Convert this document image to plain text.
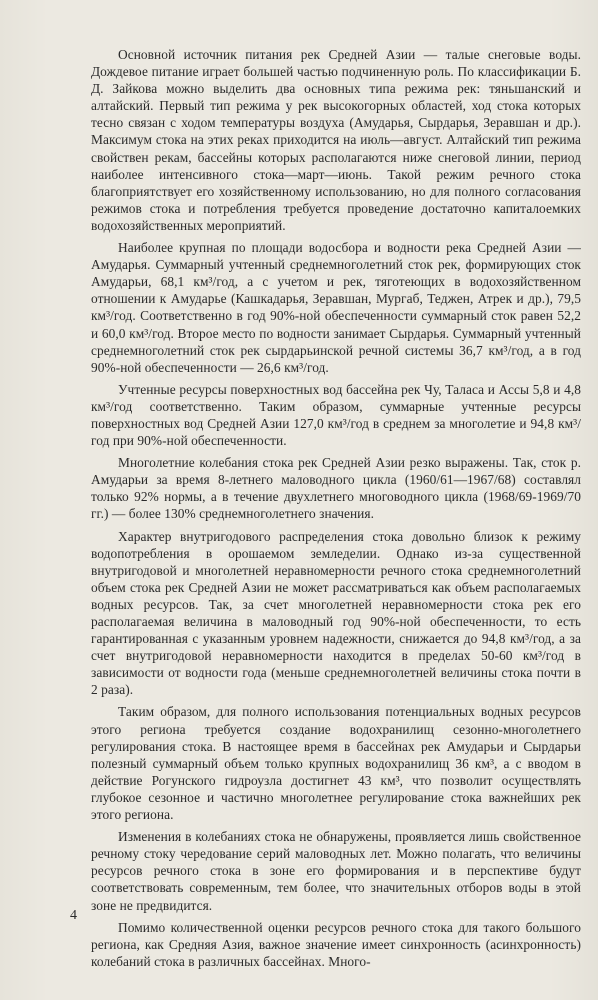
Основной источник питания рек Средней Азии — талые снеговые воды. Дождевое питание играет большей частью подчиненную роль. По классификации Б. Д. Зайкова можно выделить два основных типа режима рек: тяньшанский и алтайский. Первый тип режима у рек высокогорных областей, ход стока которых тесно связан с ходом температуры воздуха (Амударья, Сырдарья, Зеравшан и др.). Максимум стока на этих реках приходится на июль—август. Алтайский тип режима свойствен рекам, бассейны которых располагаются ниже снеговой линии, период наиболее интенсивного стока—март—июнь. Такой режим речного стока благоприятствует его хозяйственному использованию, но для полного согласования режимов стока и потребления требуется проведение достаточно капиталоемких водохозяйственных мероприятий.

Наиболее крупная по площади водосбора и водности река Средней Азии — Амударья. Суммарный учтенный среднемноголетний сток рек, формирующих сток Амударьи, 68,1 км³/год, а с учетом и рек, тяготеющих в водохозяйственном отношении к Амударье (Кашкадарья, Зеравшан, Мургаб, Теджен, Атрек и др.), 79,5 км³/год. Соответственно в год 90%-ной обеспеченности суммарный сток равен 52,2 и 60,0 км³/год. Второе место по водности занимает Сырдарья. Суммарный учтенный среднемноголетний сток рек сырдарьинской речной системы 36,7 км³/год, а в год 90%-ной обеспеченности — 26,6 км³/год.

Учтенные ресурсы поверхностных вод бассейна рек Чу, Таласа и Ассы 5,8 и 4,8 км³/год соответственно. Таким образом, суммарные учтенные ресурсы поверхностных вод Средней Азии 127,0 км³/год в среднем за многолетие и 94,8 км³/год при 90%-ной обеспеченности.

Многолетние колебания стока рек Средней Азии резко выражены. Так, сток р. Амударьи за время 8-летнего маловодного цикла (1960/61—1967/68) составлял только 92% нормы, а в течение двухлетнего многоводного цикла (1968/69-1969/70 гг.) — более 130% среднемноголетнего значения.

Характер внутригодового распределения стока довольно близок к режиму водопотребления в орошаемом земледелии. Однако из-за существенной внутригодовой и многолетней неравномерности речного стока среднемноголетний объем стока рек Средней Азии не может рассматриваться как объем располагаемых водных ресурсов. Так, за счет многолетней неравномерности стока рек его располагаемая величина в маловодный год 90%-ной обеспеченности, то есть гарантированная с указанным уровнем надежности, снижается до 94,8 км³/год, а за счет внутригодовой неравномерности находится в пределах 50-60 км³/год в зависимости от водности года (меньше среднемноголетней величины стока почти в 2 раза).

Таким образом, для полного использования потенциальных водных ресурсов этого региона требуется создание водохранилищ сезонно-многолетнего регулирования стока. В настоящее время в бассейнах рек Амударьи и Сырдарьи полезный суммарный объем только крупных водохранилищ 36 км³, а с вводом в действие Рогунского гидроузла достигнет 43 км³, что позволит осуществлять глубокое сезонное и частично многолетнее регулирование стока важнейших рек этого региона.

Изменения в колебаниях стока не обнаружены, проявляется лишь свойственное речному стоку чередование серий маловодных лет. Можно полагать, что величины ресурсов речного стока в зоне его формирования и в перспективе будут соответствовать современным, тем более, что значительных отборов воды в этой зоне не предвидится.

Помимо количественной оценки ресурсов речного стока для такого большого региона, как Средняя Азия, важное значение имеет синхронность (асинхронность) колебаний стока в различных бассейнах. Много-

4
